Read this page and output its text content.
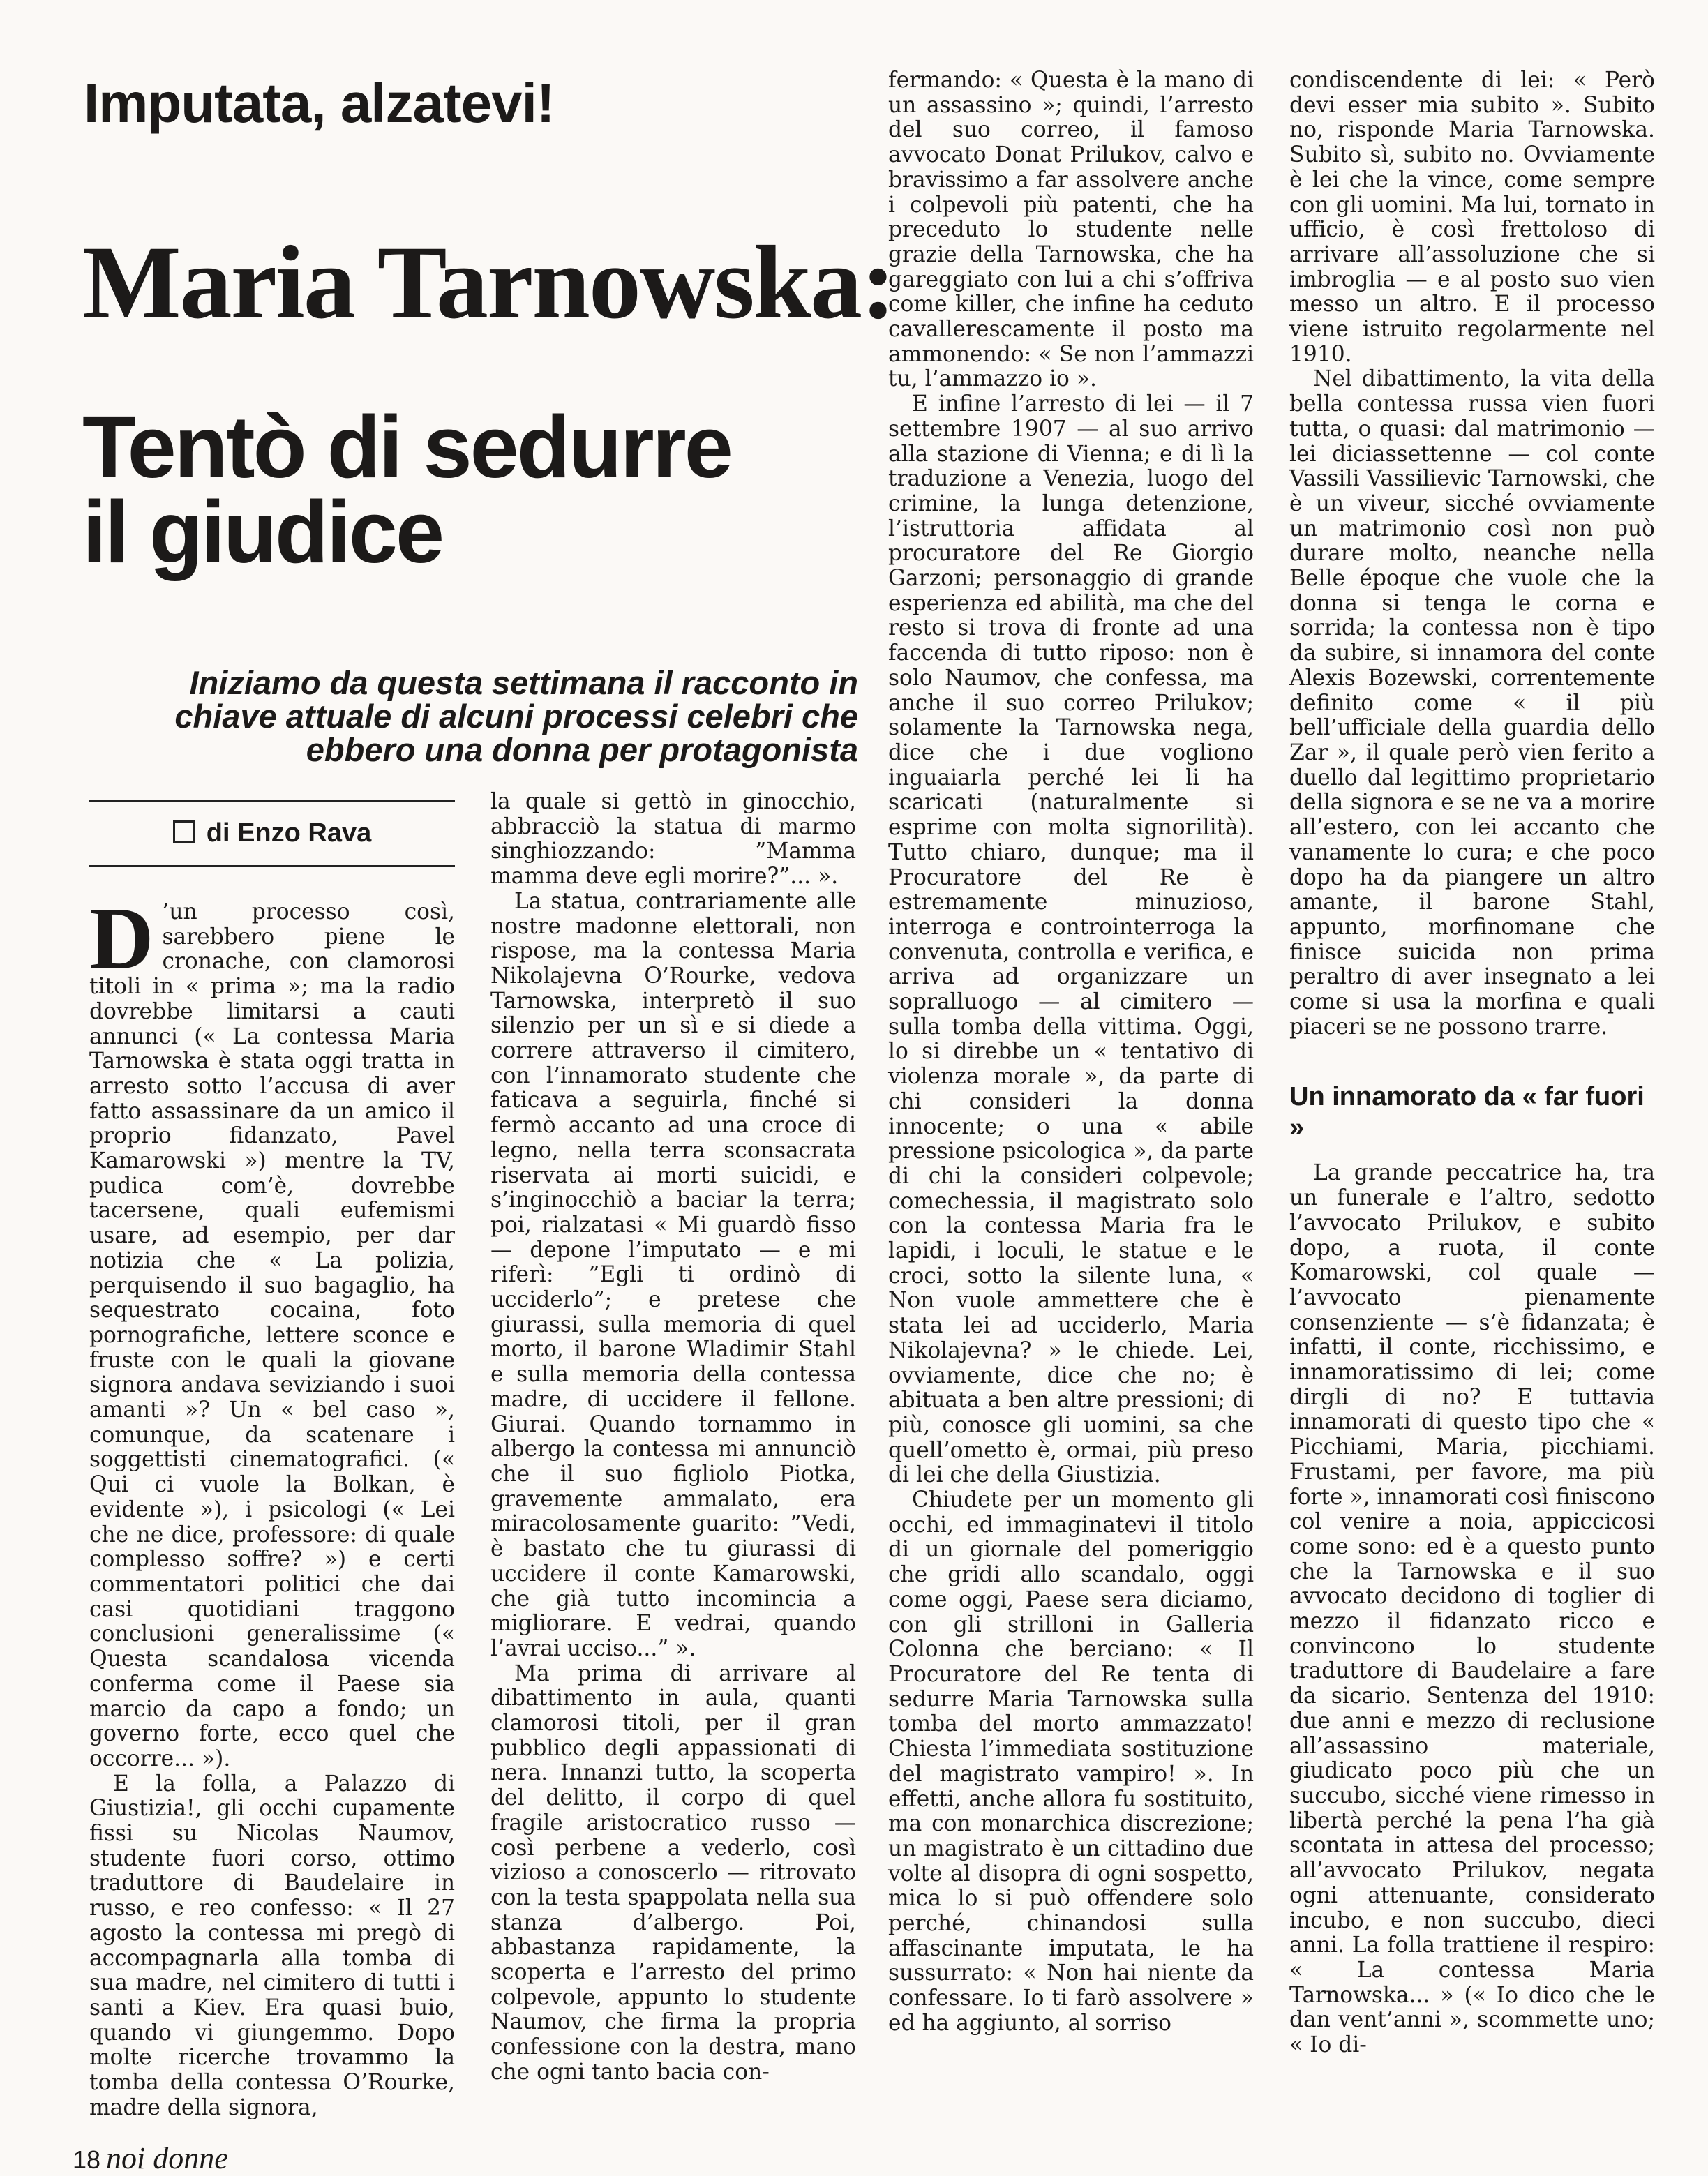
Imputata, alzatevi!
Maria Tarnowska:
Tentò di sedurre
il giudice
Iniziamo da questa settimana il racconto in chiave attuale di alcuni processi celebri che ebbero una donna per protagonista
di Enzo Rava

D ’un processo così, sarebbero piene le cronache, con clamorosi titoli in « prima »; ma la radio dovrebbe limitarsi a cauti annunci (« La contessa Maria Tarnowska è stata oggi tratta in arresto sotto l’accusa di aver fatto assassinare da un amico il proprio fidanzato, Pavel Kamarowski ») mentre la TV, pudica com’è, dovrebbe tacersene, quali eufemismi usare, ad esempio, per dar notizia che « La polizia, perquisendo il suo bagaglio, ha sequestrato cocaina, foto pornografiche, lettere sconce e fruste con le quali la giovane signora andava seviziando i suoi amanti »? Un « bel caso », comunque, da scatenare i soggettisti cinematografici. (« Qui ci vuole la Bolkan, è evidente »), i psicologi (« Lei che ne dice, professore: di quale complesso soffre? ») e certi commentatori politici che dai casi quotidiani traggono conclusioni generalissime (« Questa scandalosa vicenda conferma come il Paese sia marcio da capo a fondo; un governo forte, ecco quel che occorre... »).

E la folla, a Palazzo di Giustizia!, gli occhi cupamente fissi su Nicolas Naumov, studente fuori corso, ottimo traduttore di Baudelaire in russo, e reo confesso: « Il 27 agosto la contessa mi pregò di accompagnarla alla tomba di sua madre, nel cimitero di tutti i santi a Kiev. Era quasi buio, quando vi giungemmo. Dopo molte ricerche trovammo la tomba della contessa O’Rourke, madre della signora,

la quale si gettò in ginocchio, abbracciò la statua di marmo singhiozzando: ”Mamma mamma deve egli morire?”... ».

La statua, contrariamente alle nostre madonne elettorali, non rispose, ma la contessa Maria Nikolajevna O’Rourke, vedova Tarnowska, interpretò il suo silenzio per un sì e si diede a correre attraverso il cimitero, con l’innamorato studente che faticava a seguirla, finché si fermò accanto ad una croce di legno, nella terra sconsacrata riservata ai morti suicidi, e s’inginocchiò a baciar la terra; poi, rialzatasi « Mi guardò fisso — depone l’imputato — e mi riferì: ”Egli ti ordinò di ucciderlo”; e pretese che giurassi, sulla memoria di quel morto, il barone Wladimir Stahl e sulla memoria della contessa madre, di uccidere il fellone. Giurai. Quando tornammo in albergo la contessa mi annunciò che il suo figliolo Piotka, gravemente ammalato, era miracolosamente guarito: ”Vedi, è bastato che tu giurassi di uccidere il conte Kamarowski, che già tutto incomincia a migliorare. E vedrai, quando l’avrai ucciso...” ».

Ma prima di arrivare al dibattimento in aula, quanti clamorosi titoli, per il gran pubblico degli appassionati di nera. Innanzi tutto, la scoperta del delitto, il corpo di quel fragile aristocratico russo — così perbene a vederlo, così vizioso a conoscerlo — ritrovato con la testa spappolata nella sua stanza d’albergo. Poi, abbastanza rapidamente, la scoperta e l’arresto del primo colpevole, appunto lo studente Naumov, che firma la propria confessione con la destra, mano che ogni tanto bacia con-

fermando: « Questa è la mano di un assassino »; quindi, l’arresto del suo correo, il famoso avvocato Donat Prilukov, calvo e bravissimo a far assolvere anche i colpevoli più patenti, che ha preceduto lo studente nelle grazie della Tarnowska, che ha gareggiato con lui a chi s’offriva come killer, che infine ha ceduto cavallerescamente il posto ma ammonendo: « Se non l’ammazzi tu, l’ammazzo io ».

E infine l’arresto di lei — il 7 settembre 1907 — al suo arrivo alla stazione di Vienna; e di lì la traduzione a Venezia, luogo del crimine, la lunga detenzione, l’istruttoria affidata al procuratore del Re Giorgio Garzoni; personaggio di grande esperienza ed abilità, ma che del resto si trova di fronte ad una faccenda di tutto riposo: non è solo Naumov, che confessa, ma anche il suo correo Prilukov; solamente la Tarnowska nega, dice che i due vogliono inguaiarla perché lei li ha scaricati (naturalmente si esprime con molta signorilità). Tutto chiaro, dunque; ma il Procuratore del Re è estremamente minuzioso, interroga e controinterroga la convenuta, controlla e verifica, e arriva ad organizzare un sopralluogo — al cimitero — sulla tomba della vittima. Oggi, lo si direbbe un « tentativo di violenza morale », da parte di chi consideri la donna innocente; o una « abile pressione psicologica », da parte di chi la consideri colpevole; comechessia, il magistrato solo con la contessa Maria fra le lapidi, i loculi, le statue e le croci, sotto la silente luna, « Non vuole ammettere che è stata lei ad ucciderlo, Maria Nikolajevna? » le chiede. Lei, ovviamente, dice che no; è abituata a ben altre pressioni; di più, conosce gli uomini, sa che quell’ometto è, ormai, più preso di lei che della Giustizia.

Chiudete per un momento gli occhi, ed immaginatevi il titolo di un giornale del pomeriggio che gridi allo scandalo, oggi come oggi, Paese sera diciamo, con gli strilloni in Galleria Colonna che berciano: « Il Procuratore del Re tenta di sedurre Maria Tarnowska sulla tomba del morto ammazzato! Chiesta l’immediata sostituzione del magistrato vampiro! ». In effetti, anche allora fu sostituito, ma con monarchica discrezione; un magistrato è un cittadino due volte al disopra di ogni sospetto, mica lo si può offendere solo perché, chinandosi sulla affascinante imputata, le ha sussurrato: « Non hai niente da confessare. Io ti farò assolvere » ed ha aggiunto, al sorriso

condiscendente di lei: « Però devi esser mia subito ». Subito no, risponde Maria Tarnowska. Subito sì, subito no. Ovviamente è lei che la vince, come sempre con gli uomini. Ma lui, tornato in ufficio, è così frettoloso di arrivare all’assoluzione che si imbroglia — e al posto suo vien messo un altro. E il processo viene istruito regolarmente nel 1910.

Nel dibattimento, la vita della bella contessa russa vien fuori tutta, o quasi: dal matrimonio — lei diciassettenne — col conte Vassili Vassilievic Tarnowski, che è un viveur, sicché ovviamente un matrimonio così non può durare molto, neanche nella Belle époque che vuole che la donna si tenga le corna e sorrida; la contessa non è tipo da subire, si innamora del conte Alexis Bozewski, correntemente definito come « il più bell’ufficiale della guardia dello Zar », il quale però vien ferito a duello dal legittimo proprietario della signora e se ne va a morire all’estero, con lei accanto che vanamente lo cura; e che poco dopo ha da piangere un altro amante, il barone Stahl, appunto, morfinomane che finisce suicida non prima peraltro di aver insegnato a lei come si usa la morfina e quali piaceri se ne possono trarre.

Un innamorato da « far fuori »

La grande peccatrice ha, tra un funerale e l’altro, sedotto l’avvocato Prilukov, e subito dopo, a ruota, il conte Komarowski, col quale — l’avvocato pienamente consenziente — s’è fidanzata; è infatti, il conte, ricchissimo, e innamoratissimo di lei; come dirgli di no? E tuttavia innamorati di questo tipo che « Picchiami, Maria, picchiami. Frustami, per favore, ma più forte », innamorati così finiscono col venire a noia, appiccicosi come sono: ed è a questo punto che la Tarnowska e il suo avvocato decidono di toglier di mezzo il fidanzato ricco e convincono lo studente traduttore di Baudelaire a fare da sicario. Sentenza del 1910: due anni e mezzo di reclusione all’assassino materiale, giudicato poco più che un succubo, sicché viene rimesso in libertà perché la pena l’ha già scontata in attesa del processo; all’avvocato Prilukov, negata ogni attenuante, considerato incubo, e non succubo, dieci anni. La folla trattiene il respiro: « La contessa Maria Tarnowska... » (« Io dico che le dan vent’anni », scommette uno; « Io di-

18 noi donne
